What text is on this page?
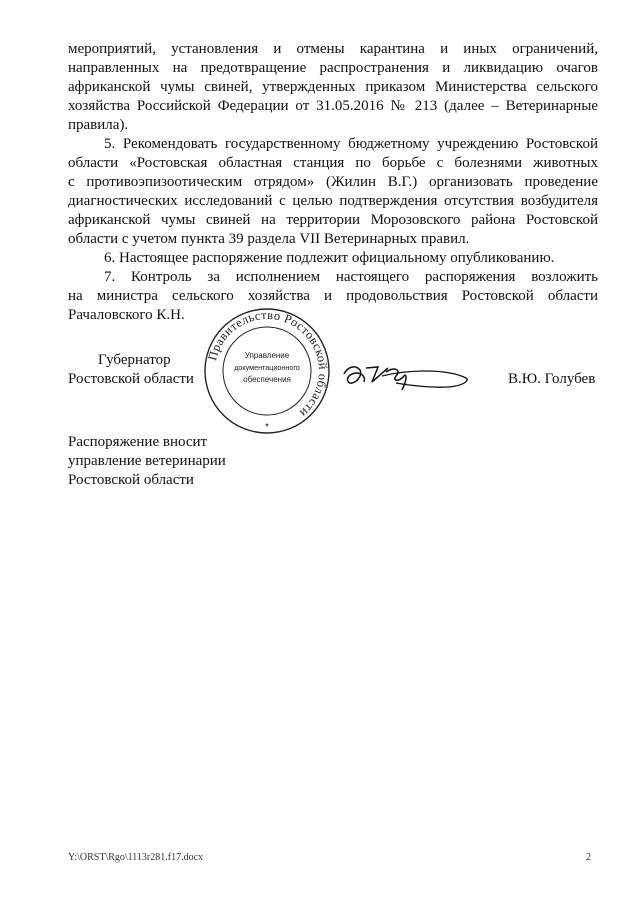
мероприятий, установления и отмены карантина и иных ограничений,
направленных на предотвращение распространения и ликвидацию очагов
африканской чумы свиней, утвержденных приказом Министерства сельского
хозяйства Российской Федерации от 31.05.2016 № 213 (далее – Ветеринарные
правила).
5. Рекомендовать государственному бюджетному учреждению Ростовской
области «Ростовская областная станция по борьбе с болезнями животных
с противоэпизоотическим отрядом» (Жилин В.Г.) организовать проведение
диагностических исследований с целью подтверждения отсутствия возбудителя
африканской чумы свиней на территории Морозовского района Ростовской
области с учетом пункта 39 раздела VII Ветеринарных правил.
6. Настоящее распоряжение подлежит официальному опубликованию.
7. Контроль за исполнением настоящего распоряжения возложить
на министра сельского хозяйства и продовольствия Ростовской области
Рачаловского К.Н.
Губернатор
Ростовской области
Правительство Ростовской области
Управление
документационного
обеспечения
*
В.Ю. Голубев
Распоряжение вносит
управление ветеринарии
Ростовской области
Y:\ORST\Rgo\1113r281.f17.docx	2
